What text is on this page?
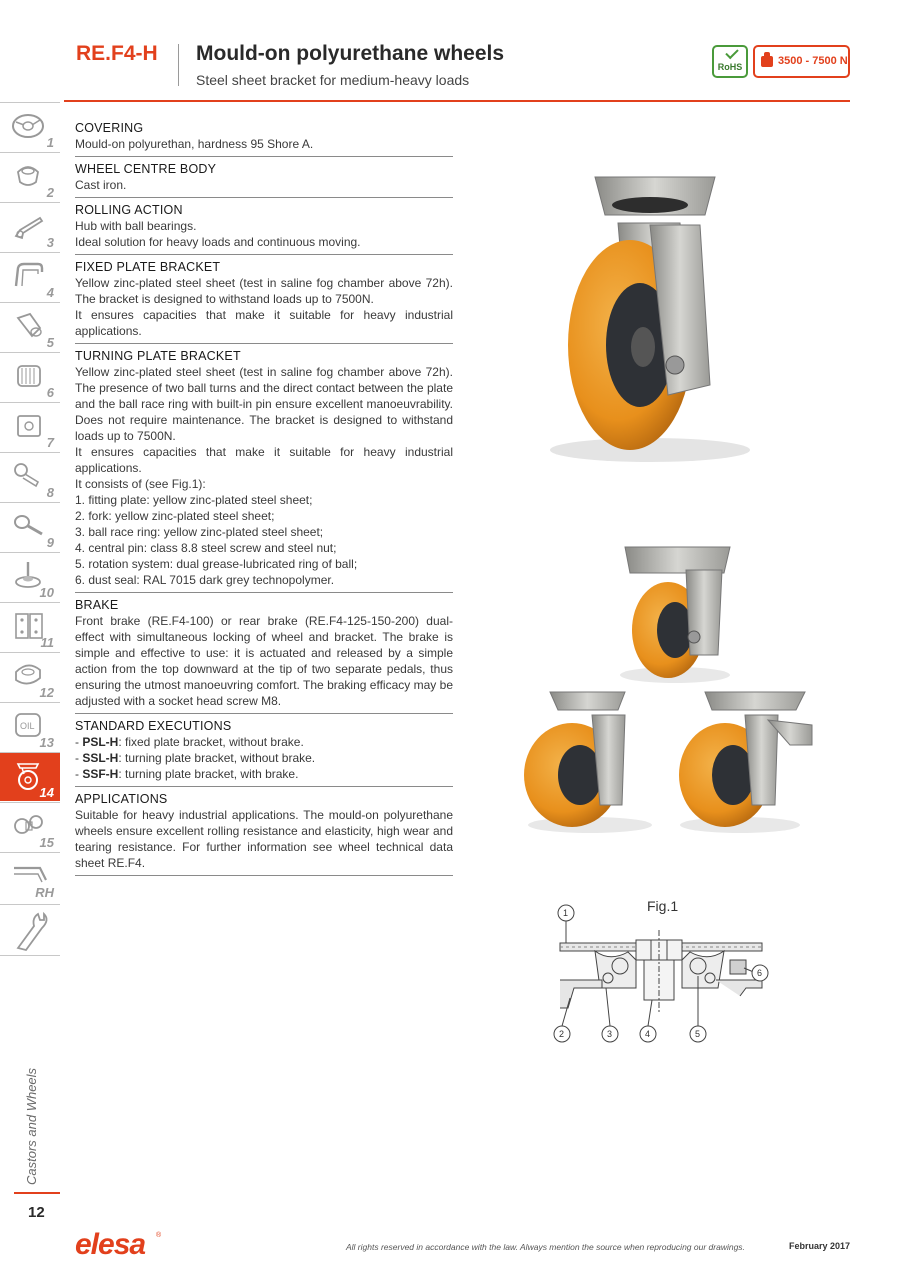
RE.F4-H Mould-on polyurethane wheels
Steel sheet bracket for medium-heavy loads
RoHS	3500 - 7500 N
1
2
3
4
5
6
7
8
9
10
11
12
OIL
13
14
15
RH
Castors and Wheels
12
COVERING

Mould-on polyurethan, hardness 95 Shore A.

WHEEL CENTRE BODY

Cast iron.

ROLLING ACTION

Hub with ball bearings.

Ideal solution for heavy loads and continuous moving.

FIXED PLATE BRACKET

Yellow zinc-plated steel sheet (test in saline fog chamber above 72h). The bracket is designed to withstand loads up to 7500N.

It ensures capacities that make it suitable for heavy industrial applications.

TURNING PLATE BRACKET

Yellow zinc-plated steel sheet (test in saline fog chamber above 72h). The presence of two ball turns and the direct contact between the plate and the ball race ring with built-in pin ensure excellent manoeuvrability. Does not require maintenance. The bracket is designed to withstand loads up to 7500N.

It ensures capacities that make it suitable for heavy industrial applications.

It consists of (see Fig.1):

1. fitting plate: yellow zinc-plated steel sheet;
2. fork: yellow zinc-plated steel sheet;
3. ball race ring: yellow zinc-plated steel sheet;
4. central pin: class 8.8 steel screw and steel nut;
5. rotation system: dual grease-lubricated ring of ball;
6. dust seal: RAL 7015 dark grey technopolymer.
BRAKE

Front brake (RE.F4-100) or rear brake (RE.F4-125-150-200) dual-effect with simultaneous locking of wheel and bracket. The brake is simple and effective to use: it is actuated and released by a simple action from the top downward at the tip of two separate pedals, thus ensuring the utmost manoeuvring comfort. The braking efficacy may be adjusted with a socket head screw M8.

STANDARD EXECUTIONS
- PSL-H: fixed plate bracket, without brake.
- SSL-H: turning plate bracket, without brake.
- SSF-H: turning plate bracket, with brake.
APPLICATIONS

Suitable for heavy industrial applications. The mould-on polyurethane wheels ensure excellent rolling resistance and elasticity, high wear and tearing resistance. For further information see wheel technical data sheet RE.F4.

Fig.1
1
2	3	4	5
6
elesa ®
All rights reserved in accordance with the law. Always mention the source when reproducing our drawings.	February 2017
